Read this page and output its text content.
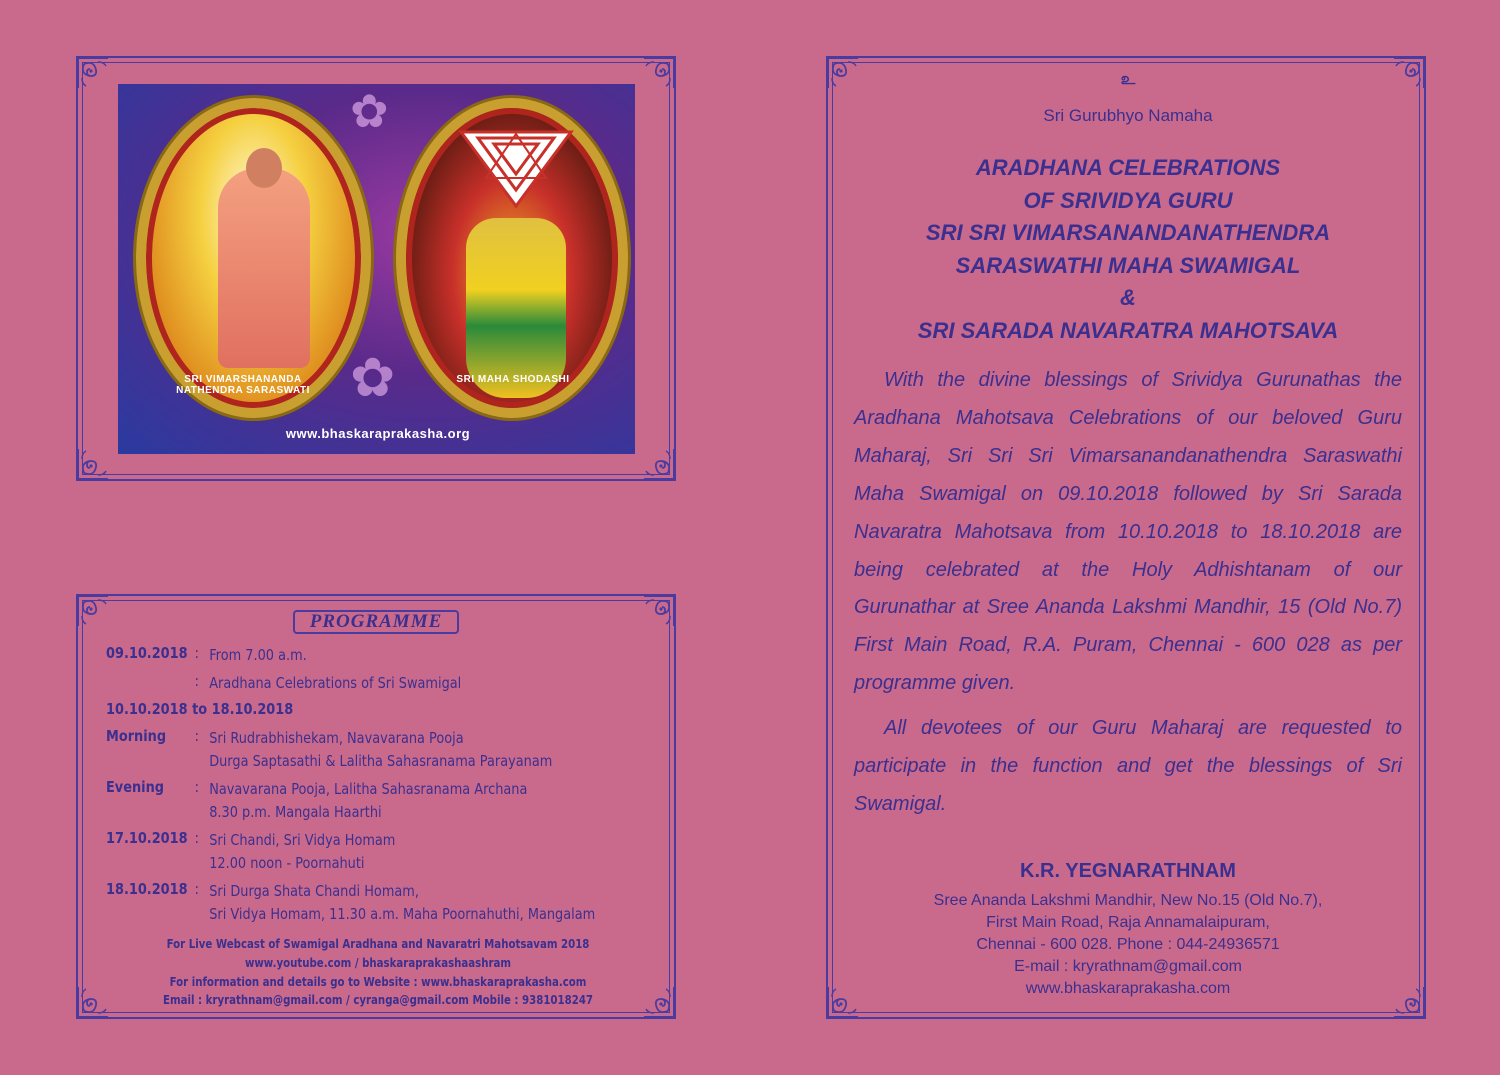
✿
✿
SRI VIMARSHANANDA
NATHENDRA SARASWATI
SRI MAHA SHODASHI
www.bhaskaraprakasha.org
PROGRAMME
09.10.2018 : From 7.00 a.m.
: Aradhana Celebrations of Sri Swamigal
10.10.2018 to 18.10.2018
Morning : Sri Rudrabhishekam, Navavarana Pooja
Durga Saptasathi & Lalitha Sahasranama Parayanam
Evening : Navavarana Pooja, Lalitha Sahasranama Archana
8.30 p.m. Mangala Haarthi
17.10.2018 : Sri Chandi, Sri Vidya Homam
12.00 noon - Poornahuti
18.10.2018 : Sri Durga Shata Chandi Homam,
Sri Vidya Homam, 11.30 a.m. Maha Poornahuthi, Mangalam
For Live Webcast of Swamigal Aradhana and Navaratri Mahotsavam 2018
www.youtube.com / bhaskaraprakashaashram
For information and details go to Website : www.bhaskaraprakasha.com
Email : kryrathnam@gmail.com / cyranga@gmail.com Mobile : 9381018247
உ
Sri Gurubhyo Namaha
ARADHANA CELEBRATIONS
OF SRIVIDYA GURU
SRI SRI VIMARSANANDANATHENDRA
SARASWATHI MAHA SWAMIGAL
&
SRI SARADA NAVARATRA MAHOTSAVA
With the divine blessings of Srividya Gurunathas the
Aradhana Mahotsava Celebrations of our beloved Guru
Maharaj, Sri Sri Sri Vimarsanandanathendra Saraswathi
Maha Swamigal on 09.10.2018 followed by Sri Sarada
Navaratra Mahotsava from 10.10.2018 to 18.10.2018 are
being celebrated at the Holy Adhishtanam of our
Gurunathar at Sree Ananda Lakshmi Mandhir, 15 (Old No.7)
First Main Road, R.A. Puram, Chennai - 600 028 as per
programme given.
All devotees of our Guru Maharaj are requested to
participate in the function and get the blessings of Sri
Swamigal.
K.R. YEGNARATHNAM
Sree Ananda Lakshmi Mandhir, New No.15 (Old No.7),
First Main Road, Raja Annamalaipuram,
Chennai - 600 028. Phone : 044-24936571
E-mail : kryrathnam@gmail.com
www.bhaskaraprakasha.com
